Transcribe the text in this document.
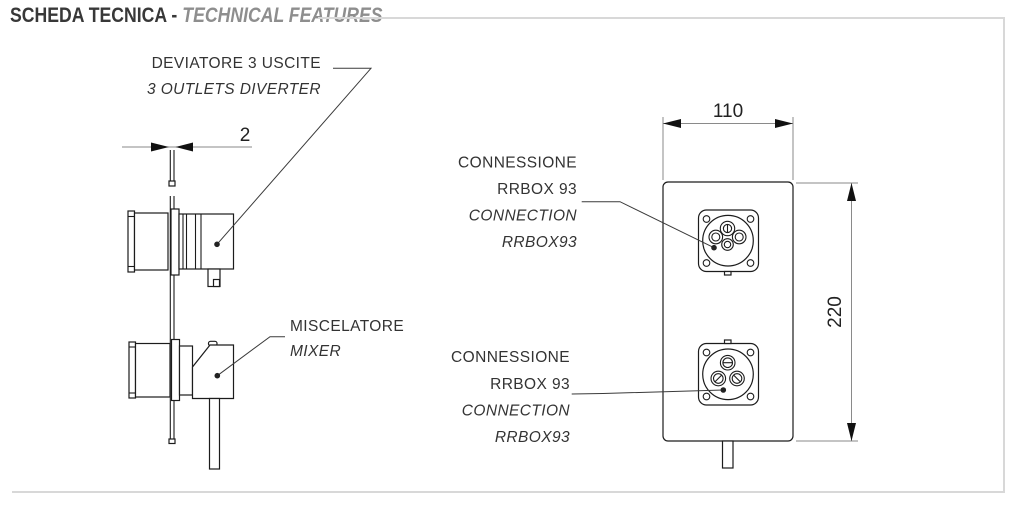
SCHEDA TECNICA - TECHNICAL FEATURES
2
110
220
DEVIATORE 3 USCITE
3 OUTLETS DIVERTER
MISCELATORE
MIXER
CONNESSIONE
RRBOX 93
CONNECTION
RRBOX93
CONNESSIONE
RRBOX 93
CONNECTION
RRBOX93
